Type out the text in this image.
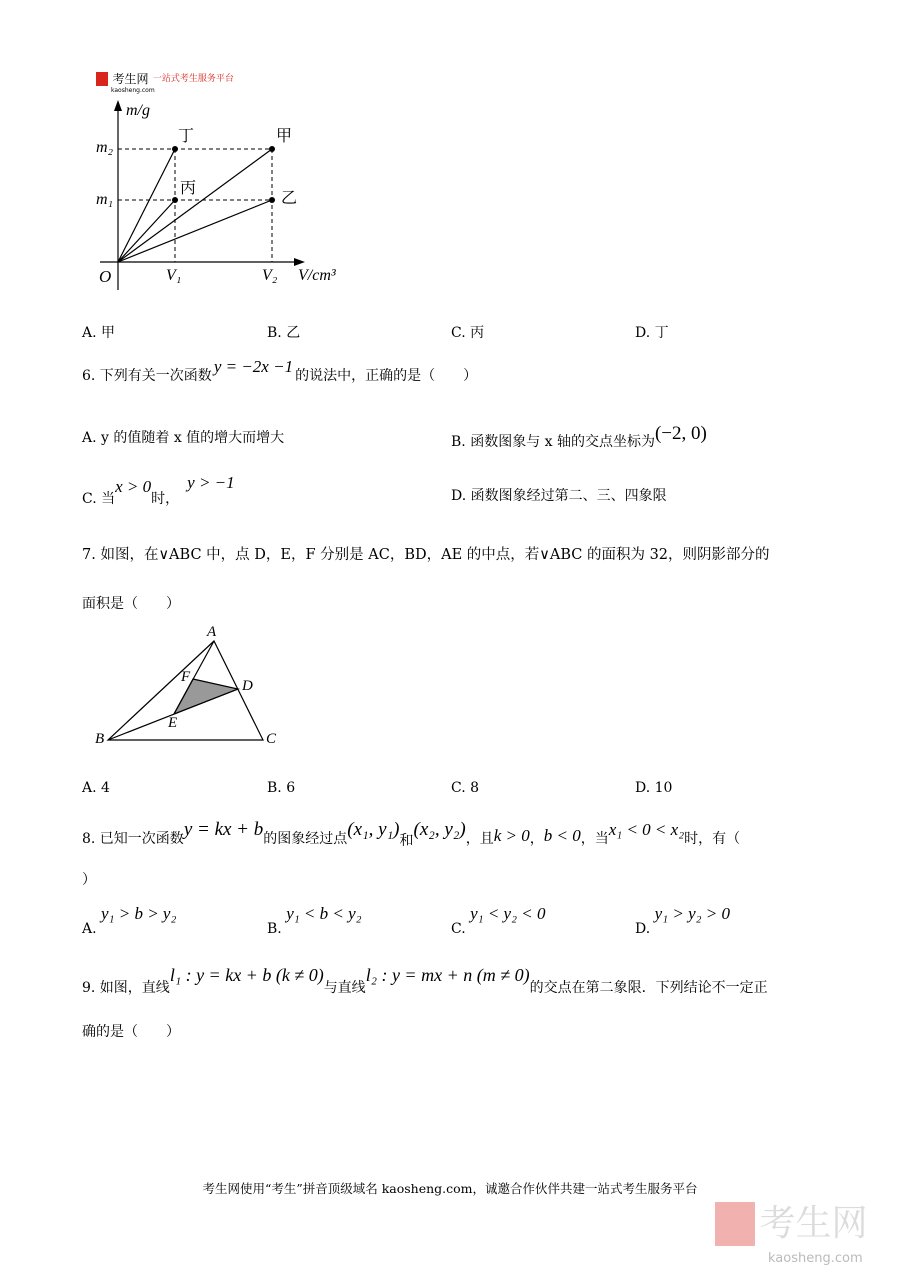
考生网 $^{一站式考生服务平台}$
kaosheng.com
m/g
m₂
m₁
O	V₁	V₂ V/cm³
丁	甲
丙
乙
A. 甲	B. 乙	C. 丙	D. 丁
6. 下列有关一次函数 y = −2x −1 的说法中，正确的是（　　）
A. y 的值随着 x 值的增大而增大	B. 函数图象与 x 轴的交点坐标为(−2, 0)
C. 当x > 0时，y > −1
D. 函数图象经过第二、三、四象限
7. 如图，在∨ABC 中，点 D，E，F 分别是 AC，BD，AE 的中点，若∨ABC 的面积为 32，则阴影部分的
面积是（　　）
A
B	C
D
E
F
A. 4	B. 6	C. 8	D. 10
8. 已知一次函数y = kx + b的图象经过点(x₁, y₁)和(x₂, y₂)，且k > 0，b < 0，当x₁ < 0 < x₂时，有（
）
A. y₁ > b > y₂
B. y₁ < b < y₂
C. y₁ < y₂ < 0
D. y₁ > y₂ > 0
9. 如图，直线l₁ : y = kx + b (k ≠ 0)与直线l₂ : y = mx + n (m ≠ 0)的交点在第二象限．下列结论不一定正
确的是（　　）
考生网使用“考生”拼音顶级域名 kaosheng.com，诚邀合作伙伴共建一站式考生服务平台
考生网
kaosheng.com
